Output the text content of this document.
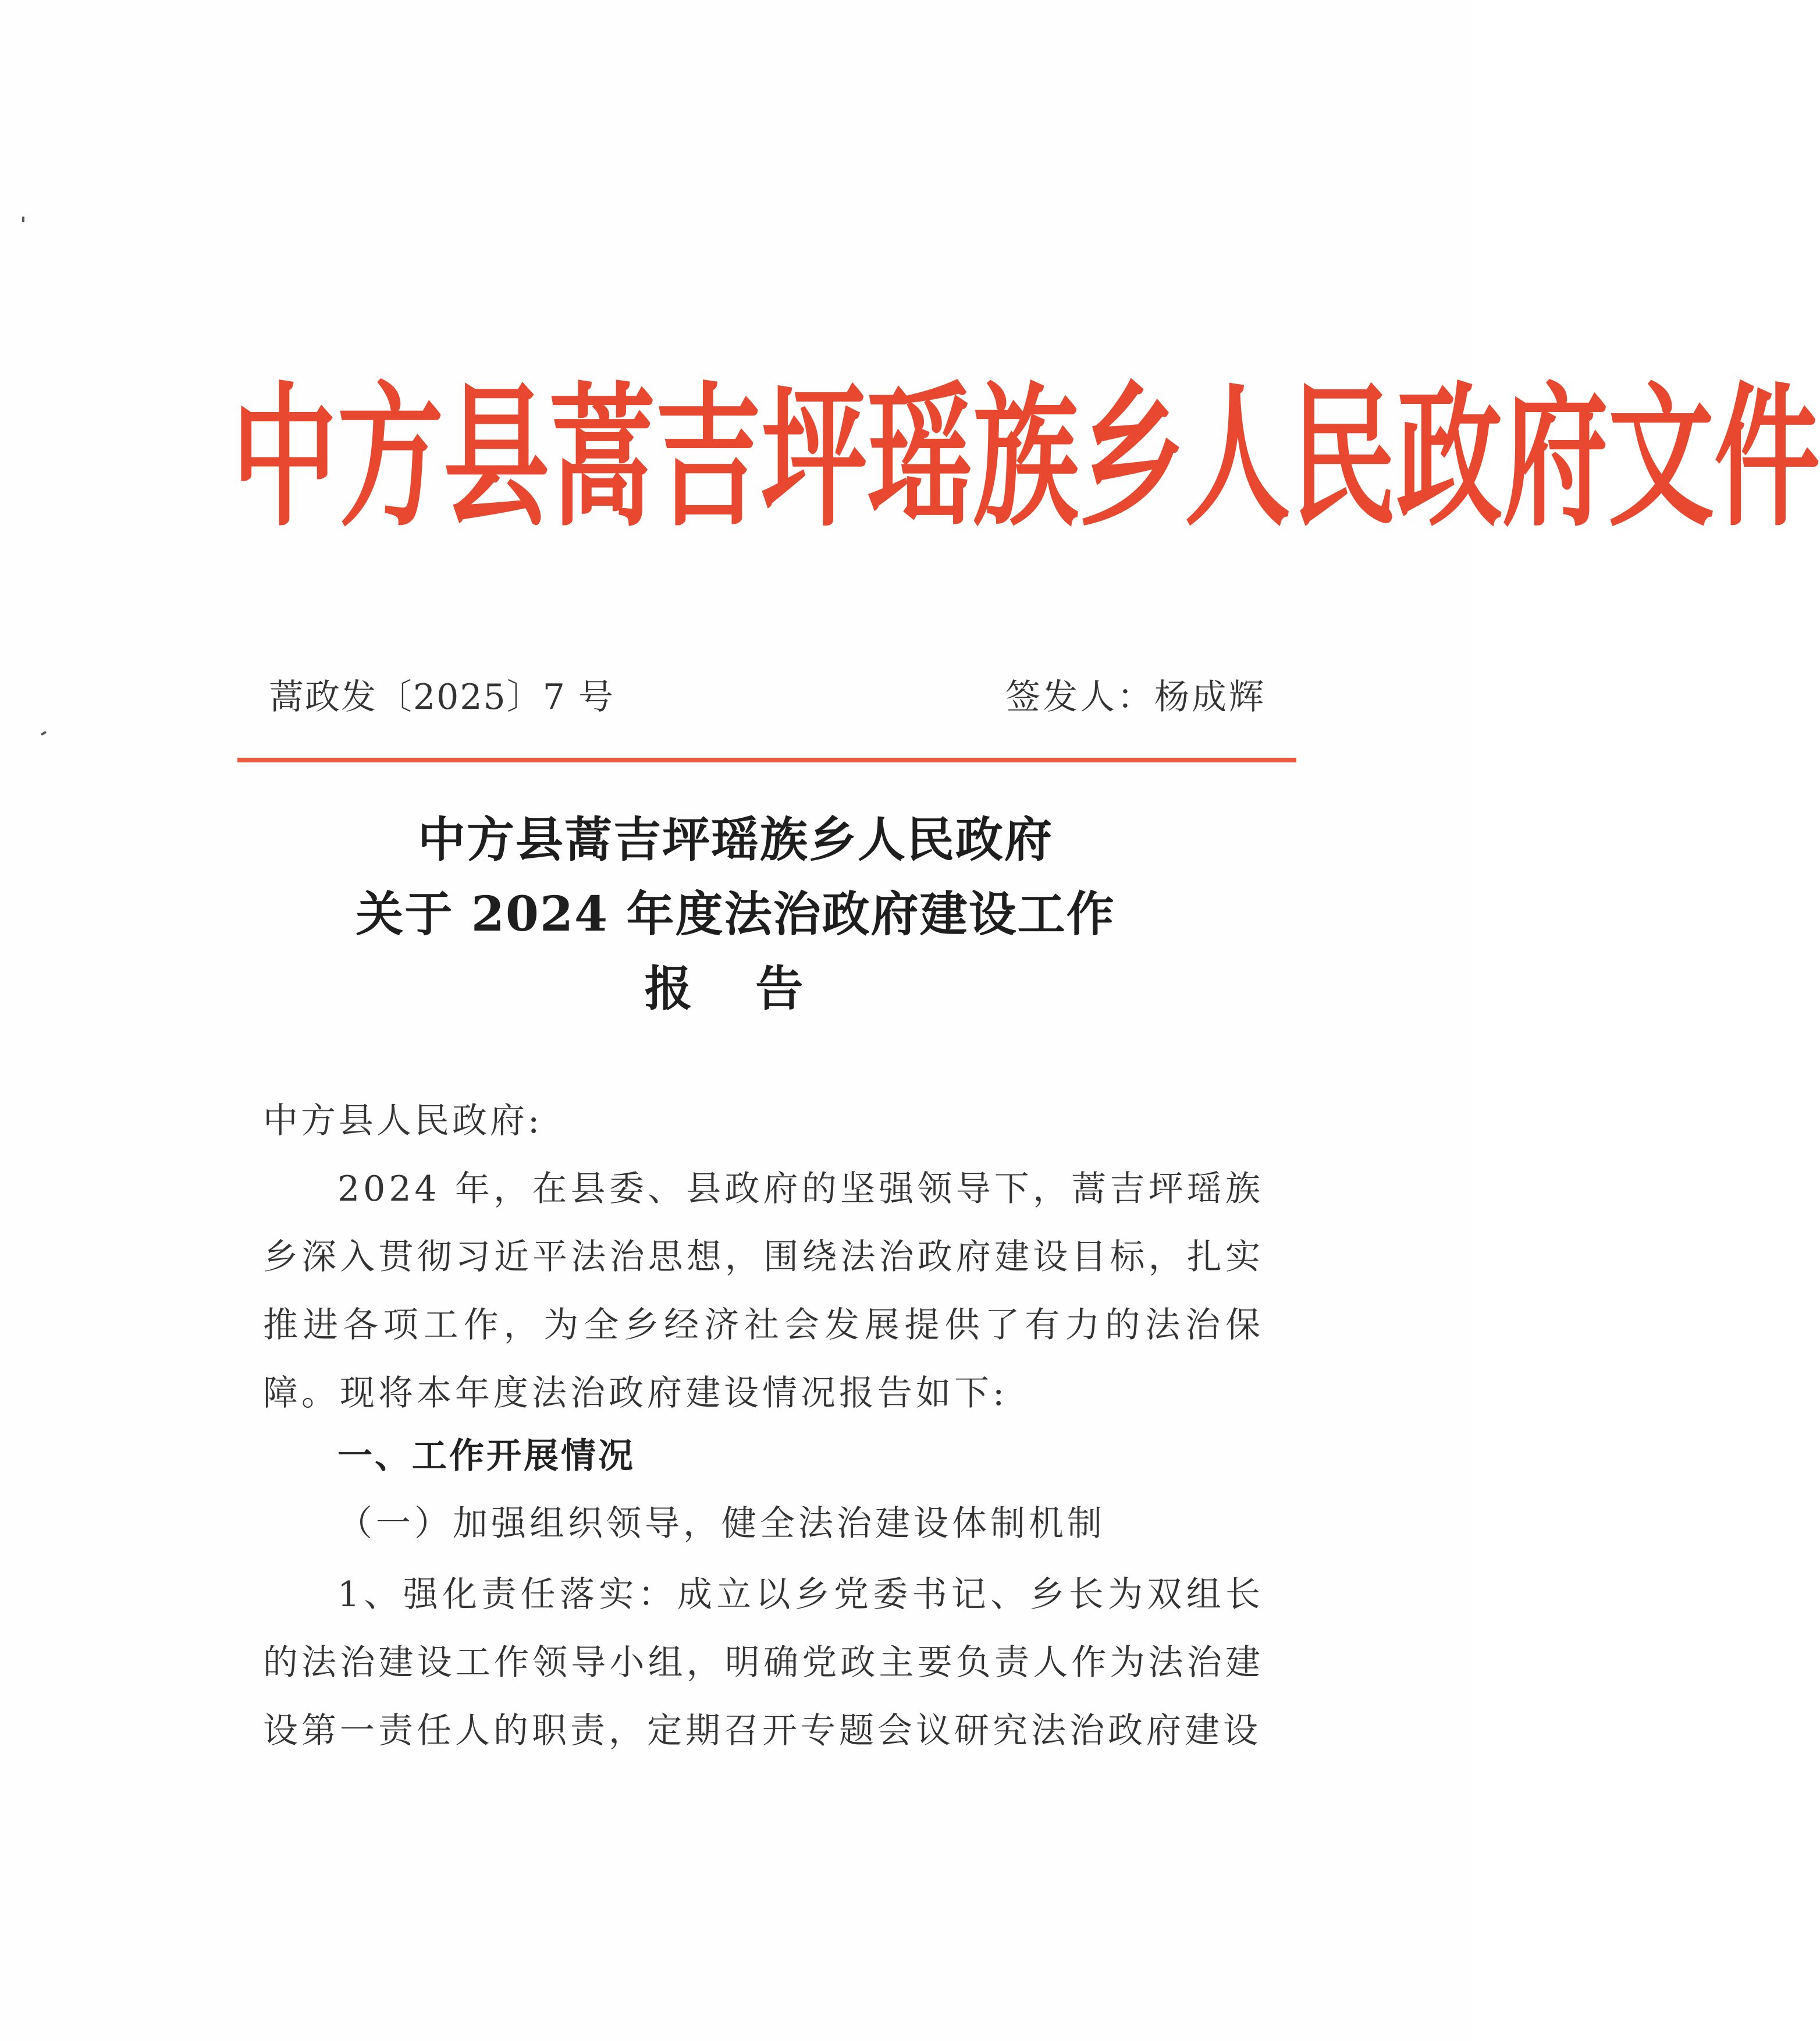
中 方 县 蒿 吉 坪 瑶 族 乡 人 民 政 府 文 件
蒿政发〔2025〕7 号	签发人：杨成辉
中方县蒿吉坪瑶族乡人民政府
关于 2024 年度法治政府建设工作
报 告
中方县人民政府:
2024 年，在县委、县政府的坚强领导下，蒿吉坪瑶族乡深入贯彻习近平法治思想，围绕法治政府建设目标，扎实推进各项工作，为全乡经济社会发展提供了有力的法治保障。现将本年度法治政府建设情况报告如下:
一、工作开展情况
（一）加强组织领导，健全法治建设体制机制
1、强化责任落实：成立以乡党委书记、乡长为双组长的法治建设工作领导小组，明确党政主要负责人作为法治建设第一责任人的职责，定期召开专题会议研究法治政府建设
